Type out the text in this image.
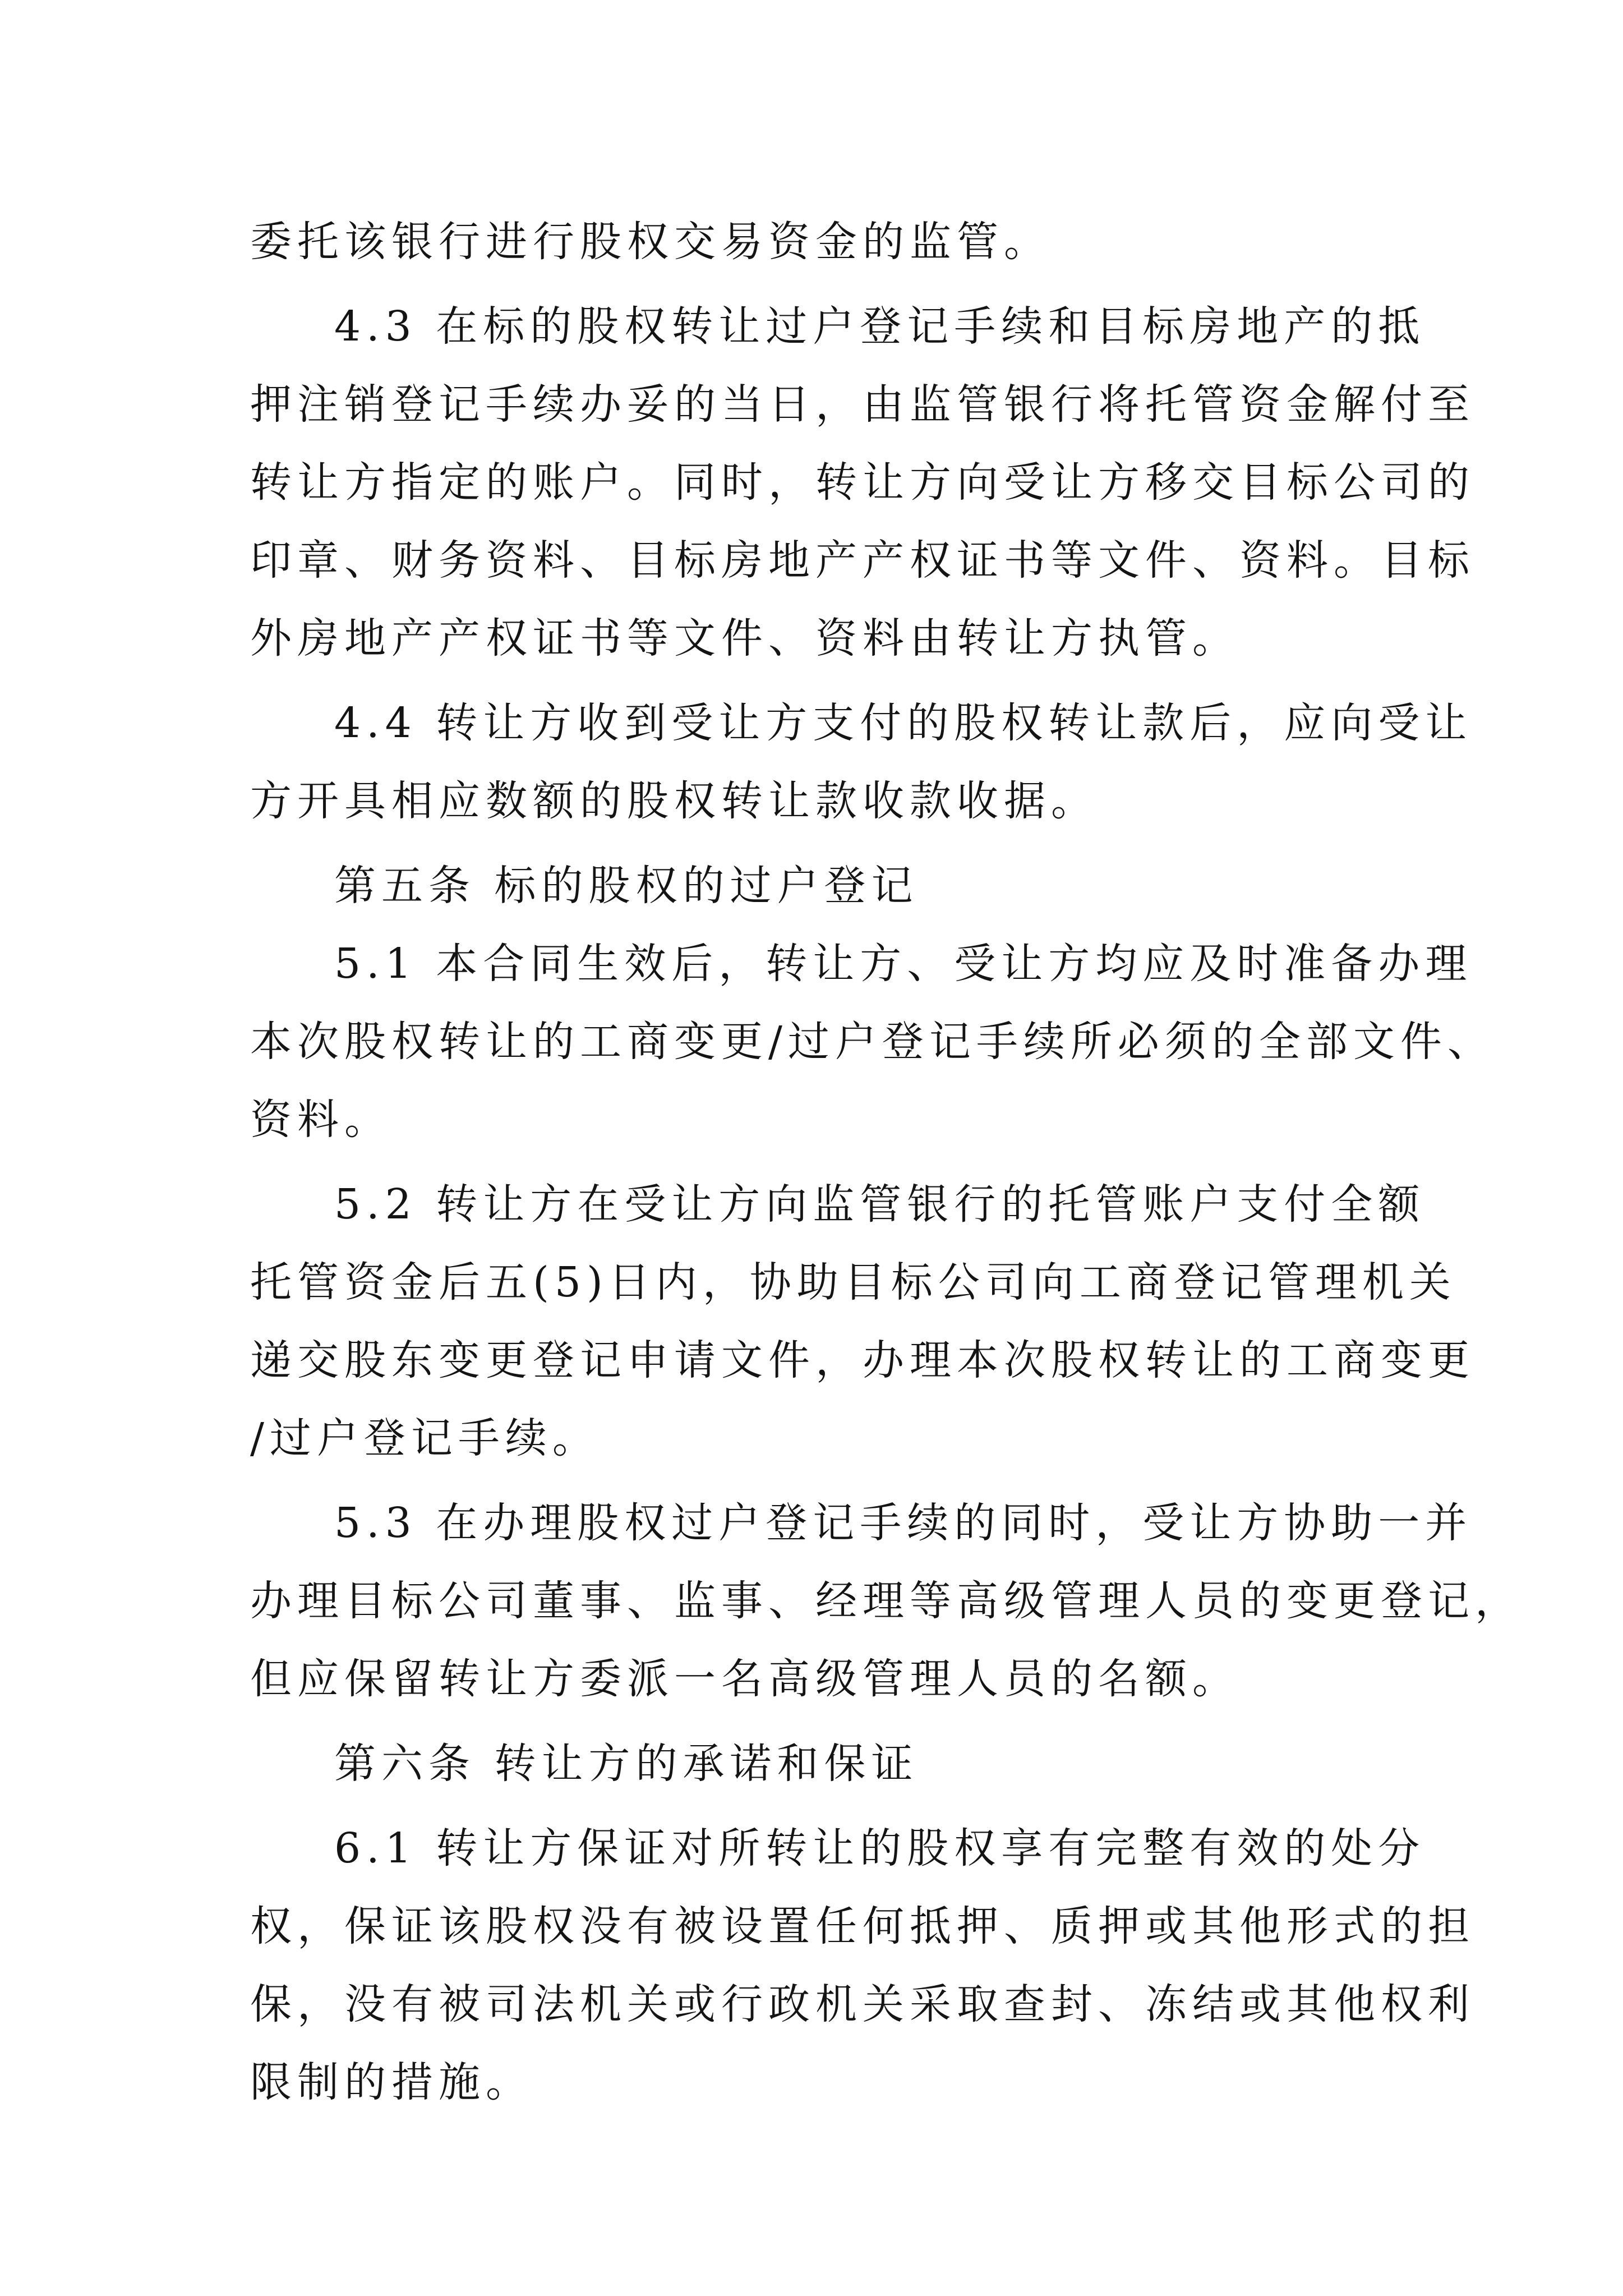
委托该银行进行股权交易资金的监管。
4.3 在标的股权转让过户登记手续和目标房地产的抵
押注销登记手续办妥的当日，由监管银行将托管资金解付至
转让方指定的账户。同时，转让方向受让方移交目标公司的
印章、财务资料、目标房地产产权证书等文件、资料。目标
外房地产产权证书等文件、资料由转让方执管。
4.4 转让方收到受让方支付的股权转让款后，应向受让
方开具相应数额的股权转让款收款收据。
第五条 标的股权的过户登记
5.1 本合同生效后，转让方、受让方均应及时准备办理
本次股权转让的工商变更/过户登记手续所必须的全部文件、
资料。
5.2 转让方在受让方向监管银行的托管账户支付全额
托管资金后五(5)日内，协助目标公司向工商登记管理机关
递交股东变更登记申请文件，办理本次股权转让的工商变更
/过户登记手续。
5.3 在办理股权过户登记手续的同时，受让方协助一并
办理目标公司董事、监事、经理等高级管理人员的变更登记，
但应保留转让方委派一名高级管理人员的名额。
第六条 转让方的承诺和保证
6.1 转让方保证对所转让的股权享有完整有效的处分
权，保证该股权没有被设置任何抵押、质押或其他形式的担
保，没有被司法机关或行政机关采取查封、冻结或其他权利
限制的措施。
